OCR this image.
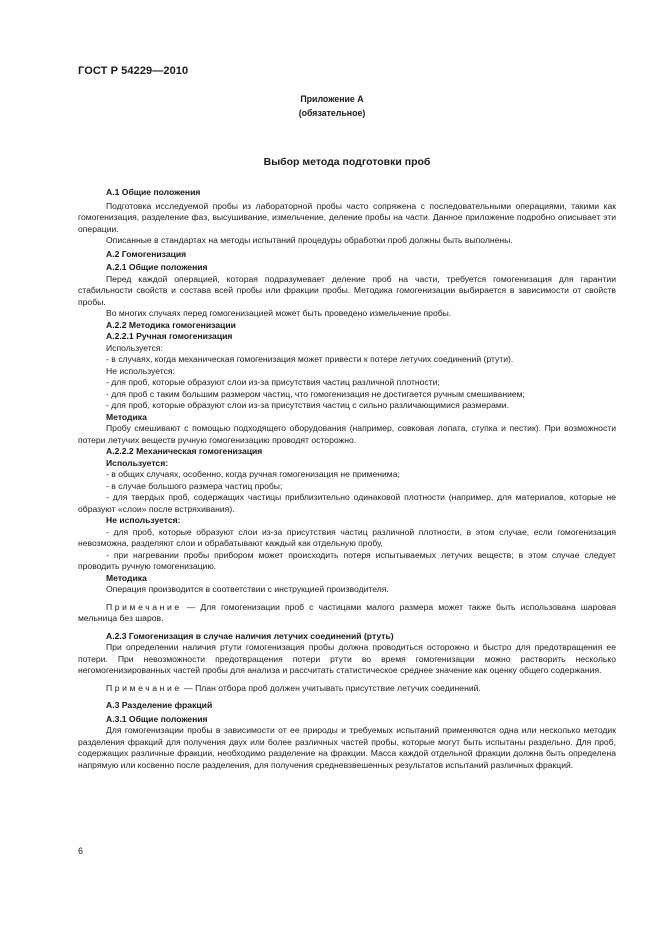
ГОСТ Р 54229—2010
Приложение А
(обязательное)
Выбор метода подготовки проб

А.1 Общие положения

Подготовка исследуемой пробы из лабораторной пробы часто сопряжена с последовательными операциями, такими как гомогенизация, разделение фаз, высушивание, измельчение, деление пробы на части. Данное приложение подробно описывает эти операции.

Описанные в стандартах на методы испытаний процедуры обработки проб должны быть выполнены.

А.2 Гомогенизация

А.2.1 Общие положения

Перед каждой операцией, которая подразумевает деление проб на части, требуется гомогенизация для гарантии стабильности свойств и состава всей пробы или фракции пробы. Методика гомогенизации выбирается в зависимости от свойств пробы.

Во многих случаях перед гомогенизацией может быть проведено измельчение пробы.

А.2.2 Методика гомогенизации

А.2.2.1 Ручная гомогенизация

Используется:

- в случаях, когда механическая гомогенизация может привести к потере летучих соединений (ртути).

Не используется:

- для проб, которые образуют слои из-за присутствия частиц различной плотности;

- для проб с таким большим размером частиц, что гомогенизация не достигается ручным смешиванием;

- для проб, которые образуют слои из-за присутствия частиц с сильно различающимися размерами.

Методика

Пробу смешивают с помощью подходящего оборудования (например, совковая лопата, ступка и пестик). При возможности потери летучих веществ ручную гомогенизацию проводят осторожно.

А.2.2.2 Механическая гомогенизация

Используется:

- в общих случаях, особенно, когда ручная гомогенизация не применима;

- в случае большого размера частиц пробы;

- для твердых проб, содержащих частицы приблизительно одинаковой плотности (например, для материалов, которые не образуют «слои» после встряхивания).

Не используется:

- для проб, которые образуют слои из-за присутствия частиц различной плотности, в этом случае, если гомогенизация невозможна, разделяют слои и обрабатывают каждый как отдельную пробу,

- при нагревании пробы прибором может происходить потеря испытываемых летучих веществ; в этом случае следует проводить ручную гомогенизацию.

Методика

Операция производится в соответствии с инструкцией производителя.

Примечание — Для гомогенизации проб с частицами малого размера может также быть использована шаровая мельница без шаров.

А.2.3 Гомогенизация в случае наличия летучих соединений (ртуть)

При определении наличия ртути гомогенизация пробы должна проводиться осторожно и быстро для предотвращения ее потери. При невозможности предотвращения потери ртути во время гомогенизации можно растворить несколько негомогенизированных частей пробы для анализа и рассчитать статистическое среднее значение как оценку общего содержания.

Примечание — План отбора проб должен учитывать присутствие летучих соединений.

А.3 Разделение фракций

А.3.1 Общие положения

Для гомогенизации пробы в зависимости от ее природы и требуемых испытаний применяются одна или несколько методик разделения фракций для получения двух или более различных частей пробы, которые могут быть испытаны раздельно. Для проб, содержащих различные фракции, необходимо разделение на фракции. Масса каждой отдельной фракции должна быть определена напрямую или косвенно после разделения, для получения средневзвешенных результатов испытаний различных фракций.

6
